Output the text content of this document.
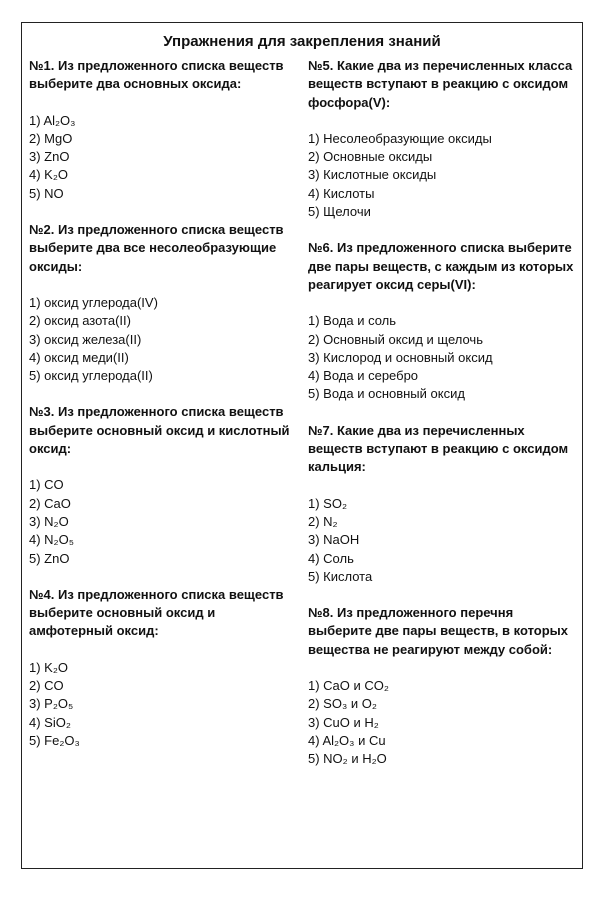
Упражнения для закрепления знаний
№1. Из предложенного списка веществ выберите два основных оксида:
1) Al₂O₃
2) MgO
3) ZnO
4) K₂O
5) NO
№2. Из предложенного списка веществ выберите два все несолеобразующие оксиды:
1) оксид углерода(IV)
2) оксид азота(II)
3) оксид железа(II)
4) оксид меди(II)
5) оксид углерода(II)
№3. Из предложенного списка веществ выберите основный оксид и кислотный оксид:
1) CO
2) CaO
3) N₂O
4) N₂O₅
5) ZnO
№4. Из предложенного списка веществ выберите основный оксид и амфотерный оксид:
1) K₂O
2) CO
3) P₂O₅
4) SiO₂
5) Fe₂O₃
№5. Какие два из перечисленных класса веществ вступают в реакцию с оксидом фосфора(V):
1) Несолеобразующие оксиды
2) Основные оксиды
3) Кислотные оксиды
4) Кислоты
5) Щелочи
№6. Из предложенного списка выберите две пары веществ, с каждым из которых реагирует оксид серы(VI):
1) Вода и соль
2) Основный оксид и щелочь
3) Кислород и основный оксид
4) Вода и серебро
5) Вода и основный оксид
№7. Какие два из перечисленных веществ вступают в реакцию с оксидом кальция:
1) SO₂
2) N₂
3) NaOH
4) Соль
5) Кислота
№8. Из предложенного перечня выберите две пары веществ, в которых вещества не реагируют между собой:
1) CaO и CO₂
2) SO₃ и O₂
3) CuO и H₂
4) Al₂O₃ и Cu
5) NO₂ и H₂O
